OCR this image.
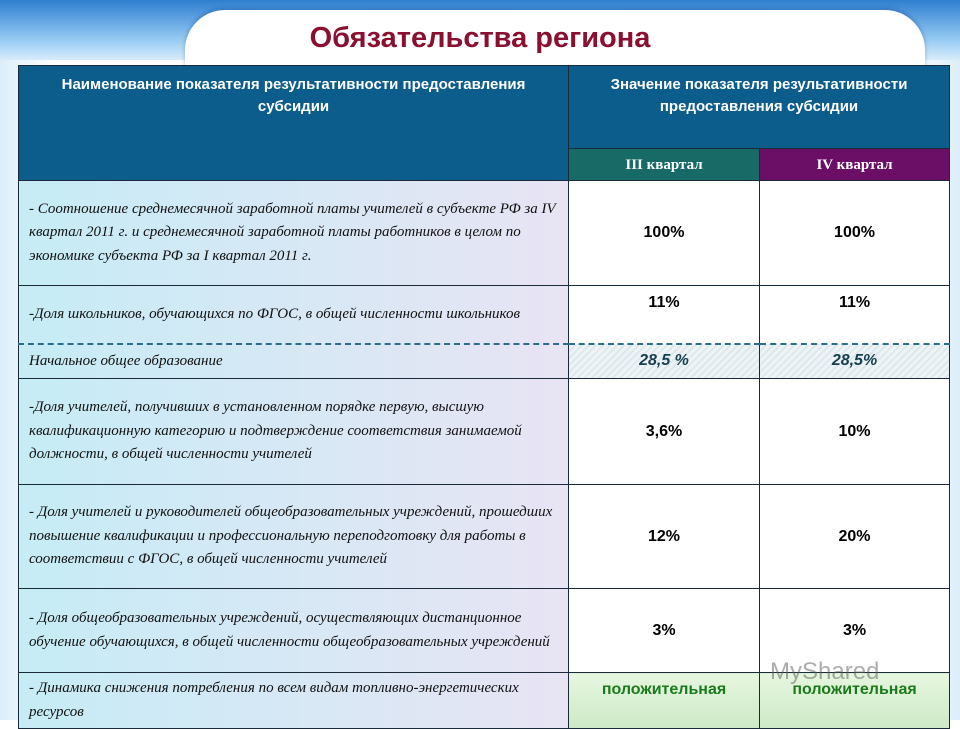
Обязательства региона
Наименование показателя результативности предоставления субсидии	Значение показателя результативности предоставления субсидии	
	III квартал	IV квартал
- Соотношение среднемесячной заработной платы учителей в субъекте РФ за IV квартал 2011 г. и среднемесячной заработной платы работников в целом по экономике субъекта РФ за I квартал 2011 г.	100%	100%
-Доля школьников, обучающихся по ФГОС, в общей численности школьников	11%	11%
Начальное общее образование	28,5 %	28,5%
-Доля учителей, получивших в установленном порядке первую, высшую квалификационную категорию и подтверждение соответствия занимаемой должности, в общей численности учителей	3,6%	10%
- Доля учителей и руководителей общеобразовательных учреждений, прошедших повышение квалификации и профессиональную переподготовку для работы в соответствии с ФГОС, в общей численности учителей	12%	20%
- Доля общеобразовательных учреждений, осуществляющих дистанционное обучение обучающихся, в общей численности общеобразовательных учреждений	3%	3%
- Динамика снижения потребления по всем видам топливно-энергетических ресурсов	положительная	положительная
MyShared
